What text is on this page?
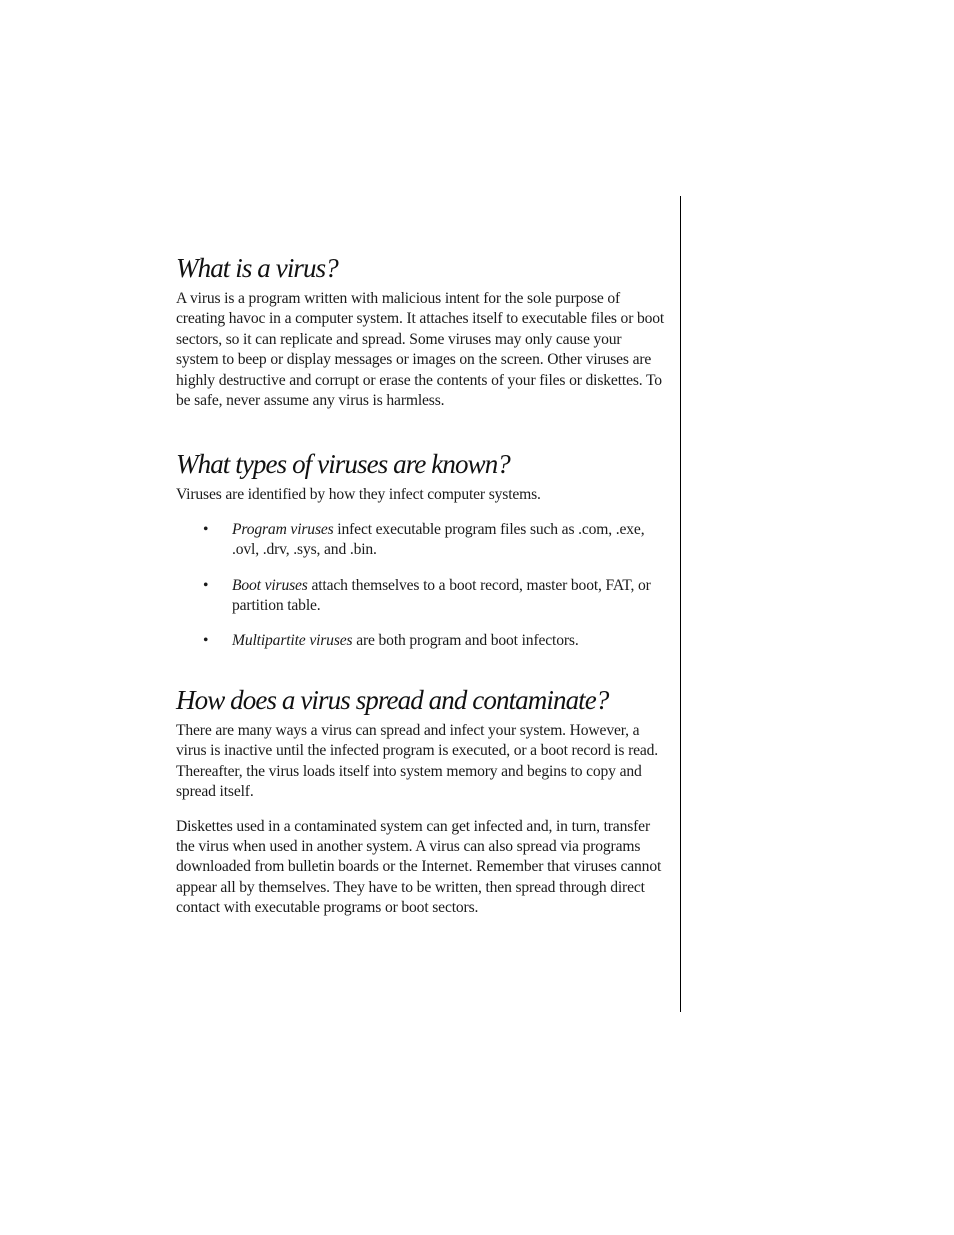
What is a virus?

A virus is a program written with malicious intent for the sole purpose of creating havoc in a computer system. It attaches itself to executable files or boot sectors, so it can replicate and spread. Some viruses may only cause your system to beep or display messages or images on the screen. Other viruses are highly destructive and corrupt or erase the contents of your files or diskettes. To be safe, never assume any virus is harmless.

What types of viruses are known?

Viruses are identified by how they infect computer systems.

• Program viruses infect executable program files such as .com, .exe, .ovl, .drv, .sys, and .bin.
• Boot viruses attach themselves to a boot record, master boot, FAT, or partition table.
• Multipartite viruses are both program and boot infectors.
How does a virus spread and contaminate?

There are many ways a virus can spread and infect your system. However, a virus is inactive until the infected program is executed, or a boot record is read. Thereafter, the virus loads itself into system memory and begins to copy and spread itself.

Diskettes used in a contaminated system can get infected and, in turn, transfer the virus when used in another system. A virus can also spread via programs downloaded from bulletin boards or the Internet. Remember that viruses cannot appear all by themselves. They have to be written, then spread through direct contact with executable programs or boot sectors.
